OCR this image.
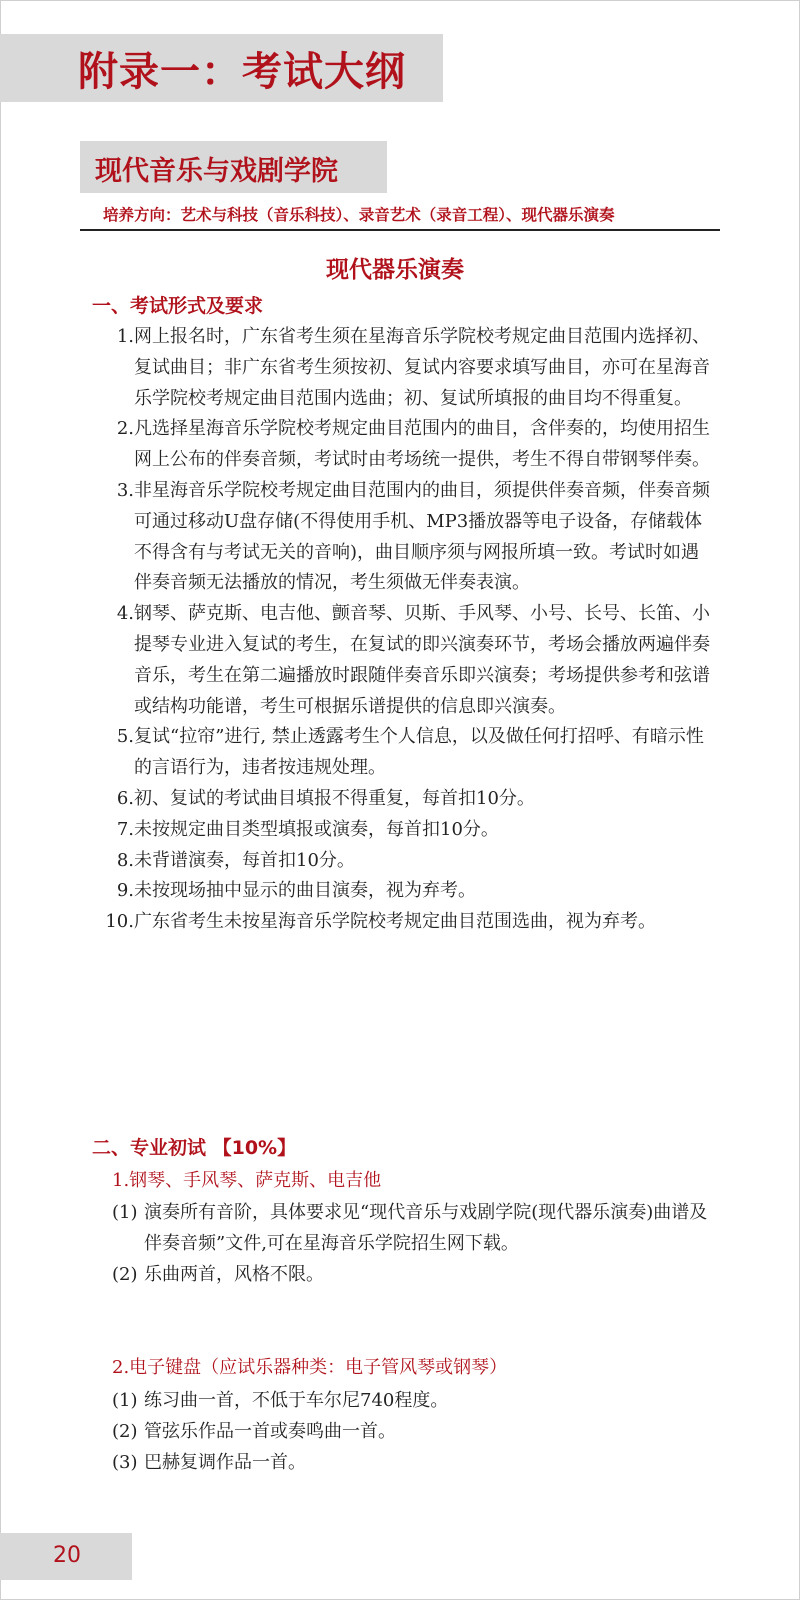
附录一：考试大纲
现代音乐与戏剧学院
培养方向：艺术与科技（音乐科技）、录音艺术（录音工程）、现代器乐演奏
现代器乐演奏
一、考试形式及要求
1. 网上报名时，广东省考生须在星海音乐学院校考规定曲目范围内选择初、复试曲目；非广东省考生须按初、复试内容要求填写曲目，亦可在星海音乐学院校考规定曲目范围内选曲；初、复试所填报的曲目均不得重复。
2. 凡选择星海音乐学院校考规定曲目范围内的曲目，含伴奏的，均使用招生网上公布的伴奏音频，考试时由考场统一提供，考生不得自带钢琴伴奏。
3. 非星海音乐学院校考规定曲目范围内的曲目，须提供伴奏音频，伴奏音频可通过移动U盘存储(不得使用手机、MP3播放器等电子设备，存储载体不得含有与考试无关的音响)，曲目顺序须与网报所填一致。考试时如遇伴奏音频无法播放的情况，考生须做无伴奏表演。
4. 钢琴、萨克斯、电吉他、颤音琴、贝斯、手风琴、小号、长号、长笛、小提琴专业进入复试的考生，在复试的即兴演奏环节，考场会播放两遍伴奏音乐，考生在第二遍播放时跟随伴奏音乐即兴演奏；考场提供参考和弦谱或结构功能谱，考生可根据乐谱提供的信息即兴演奏。
5. 复试“拉帘”进行, 禁止透露考生个人信息，以及做任何打招呼、有暗示性的言语行为，违者按违规处理。
6. 初、复试的考试曲目填报不得重复，每首扣10分。
7. 未按规定曲目类型填报或演奏，每首扣10分。
8. 未背谱演奏，每首扣10分。
9. 未按现场抽中显示的曲目演奏，视为弃考。
10. 广东省考生未按星海音乐学院校考规定曲目范围选曲，视为弃考。
二、专业初试 【10%】
1.钢琴、手风琴、萨克斯、电吉他
(1) 演奏所有音阶，具体要求见“现代音乐与戏剧学院(现代器乐演奏)曲谱及伴奏音频”文件,可在星海音乐学院招生网下载。
(2) 乐曲两首，风格不限。
2.电子键盘（应试乐器种类：电子管风琴或钢琴）
(1) 练习曲一首，不低于车尔尼740程度。
(2) 管弦乐作品一首或奏鸣曲一首。
(3) 巴赫复调作品一首。
20
